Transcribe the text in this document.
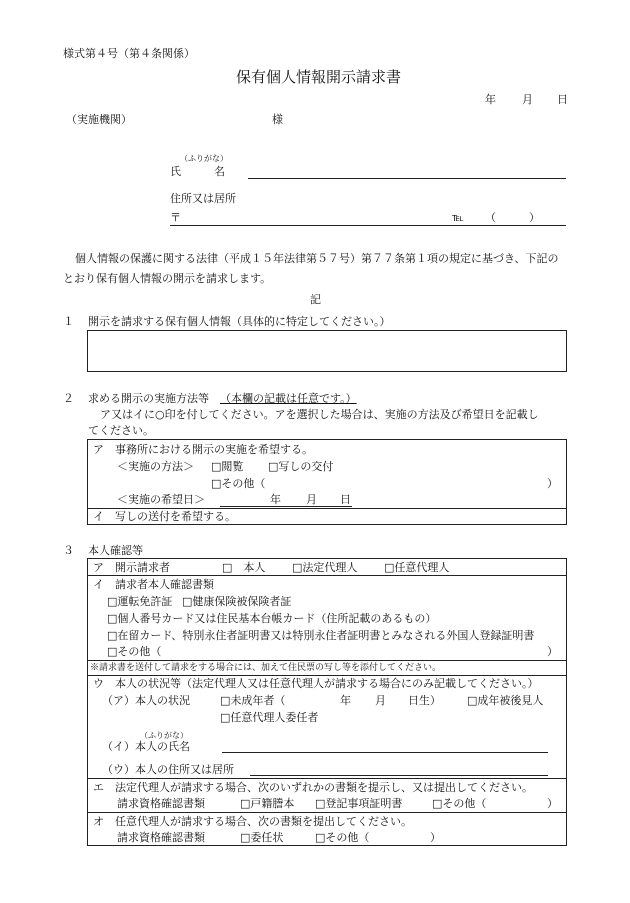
様式第４号（第４条関係）
保有個人情報開示請求書
年 月 日
（実施機関）	様
（ふりがな）
氏　　　名
住所又は居所
〒	℡ （　　　）
個人情報の保護に関する法律（平成１５年法律第５７号）第７７条第１項の規定に基づき、下記の
とおり保有個人情報の開示を請求します。
記
１ 開示を請求する保有個人情報（具体的に特定してください。）
２ 求める開示の実施方法等 （本欄の記載は任意です。）
ア又はイに○印を付してください。アを選択した場合は、実施の方法及び希望日を記載し
てください。
ア　事務所における開示の実施を希望する。
＜実施の方法＞ □閲覧 □写しの交付
□その他（	）
＜実施の希望日＞	年 月 日
イ　写しの送付を希望する。
３ 本人確認等
ア　開示請求者	□　本人 □法定代理人 □任意代理人
イ　請求者本人確認書類
□運転免許証 □健康保険被保険者証
□個人番号カード又は住民基本台帳カード（住所記載のあるもの）
□在留カード、特別永住者証明書又は特別永住者証明書とみなされる外国人登録証明書
□その他（	）
※請求書を送付して請求をする場合には、加えて住民票の写し等を添付してください。
ウ　本人の状況等（法定代理人又は任意代理人が請求する場合にのみ記載してください。）
（ア）本人の状況	□未成年者（	年 月 日生） □成年被後見人
□任意代理人委任者
（ふりがな）
（イ）本人の氏名
（ウ）本人の住所又は居所
エ　法定代理人が請求する場合、次のいずれかの書類を提示し、又は提出してください。
請求資格確認書類	□戸籍謄本 □登記事項証明書	□その他（	）
オ　任意代理人が請求する場合、次の書類を提出してください。
請求資格確認書類	□委任状	□その他（	）
